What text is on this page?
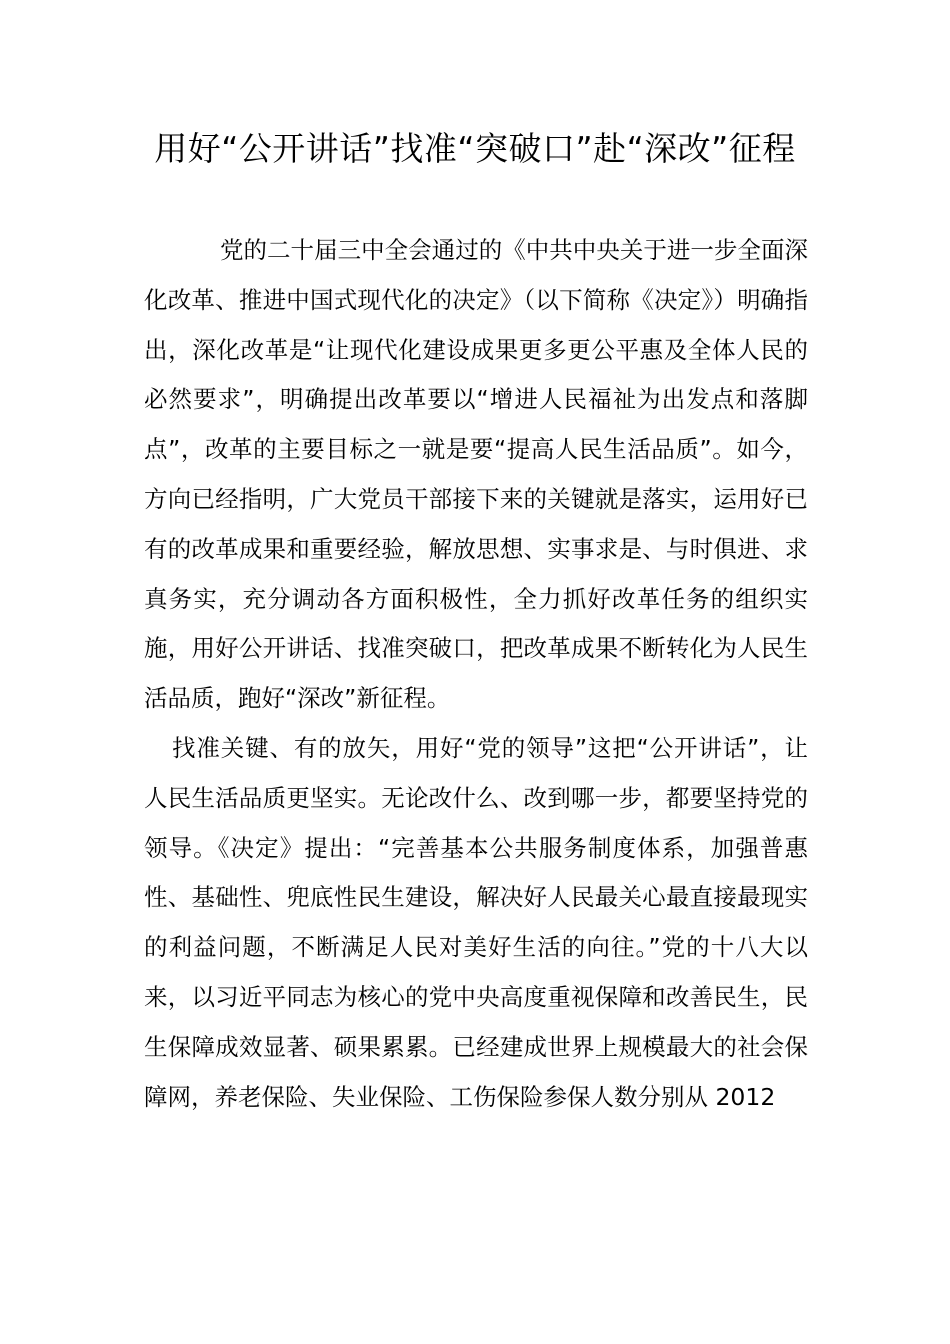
用好“公开讲话”找准“突破口”赴“深改”征程

党的二十届三中全会通过的《中共中央关于进一步全面深化改革、推进中国式现代化的决定》（以下简称《决定》）明确指出，深化改革是“让现代化建设成果更多更公平惠及全体人民的必然要求”，明确提出改革要以“增进人民福祉为出发点和落脚点”，改革的主要目标之一就是要“提高人民生活品质”。如今，方向已经指明，广大党员干部接下来的关键就是落实，运用好已有的改革成果和重要经验，解放思想、实事求是、与时俱进、求真务实，充分调动各方面积极性，全力抓好改革任务的组织实施，用好公开讲话、找准突破口，把改革成果不断转化为人民生活品质，跑好“深改”新征程。

找准关键、有的放矢，用好“党的领导”这把“公开讲话”，让人民生活品质更坚实。无论改什么、改到哪一步，都要坚持党的领导。《决定》提出：“完善基本公共服务制度体系，加强普惠性、基础性、兜底性民生建设，解决好人民最关心最直接最现实的利益问题，不断满足人民对美好生活的向往。”党的十八大以来，以习近平同志为核心的党中央高度重视保障和改善民生，民生保障成效显著、硕果累累。已经建成世界上规模最大的社会保障网，养老保险、失业保险、工伤保险参保人数分别从 2012
